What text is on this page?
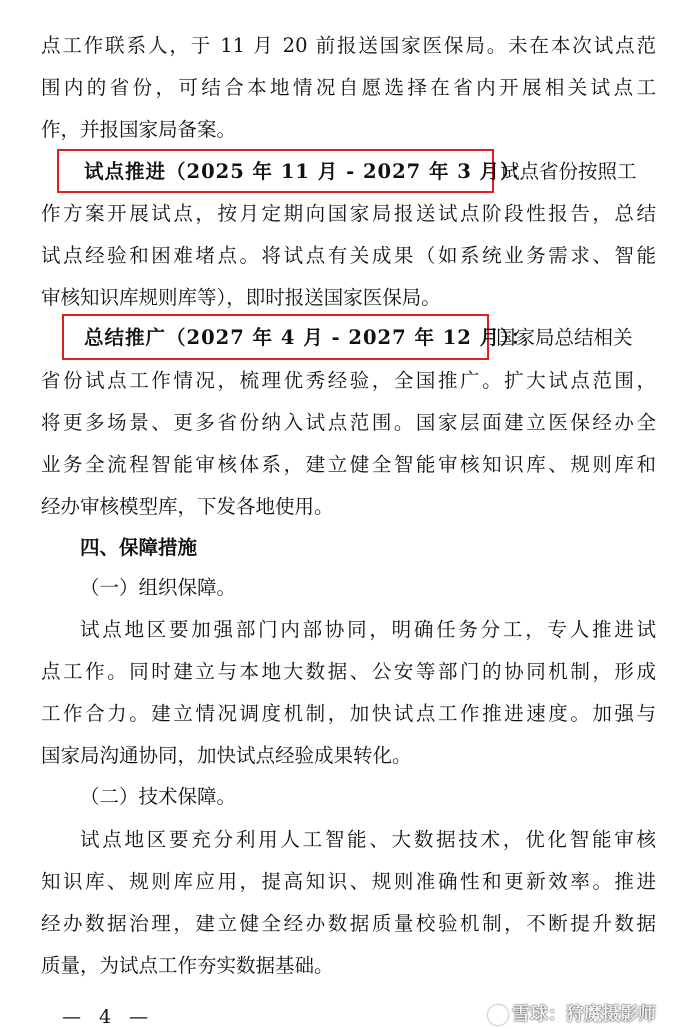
点工作联系人，于 11 月 20 前报送国家医保局。未在本次试点范
围内的省份，可结合本地情况自愿选择在省内开展相关试点工
作，并报国家局备案。
试点推进（2025 年 11 月 - 2027 年 3 月）：
试点省份按照工
作方案开展试点，按月定期向国家局报送试点阶段性报告，总结
试点经验和困难堵点。将试点有关成果（如系统业务需求、智能
审核知识库规则库等），即时报送国家医保局。
总结推广（2027 年 4 月 - 2027 年 12 月）：
国家局总结相关
省份试点工作情况，梳理优秀经验，全国推广。扩大试点范围，
将更多场景、更多省份纳入试点范围。国家层面建立医保经办全
业务全流程智能审核体系，建立健全智能审核知识库、规则库和
经办审核模型库，下发各地使用。
四、保障措施
（一）组织保障。
试点地区要加强部门内部协同，明确任务分工，专人推进试
点工作。同时建立与本地大数据、公安等部门的协同机制，形成
工作合力。建立情况调度机制，加快试点工作推进速度。加强与
国家局沟通协同，加快试点经验成果转化。
（二）技术保障。
试点地区要充分利用人工智能、大数据技术，优化智能审核
知识库、规则库应用，提高知识、规则准确性和更新效率。推进
经办数据治理，建立健全经办数据质量校验机制，不断提升数据
质量，为试点工作夯实数据基础。
— 4 —	雪球：狩魔摄影师
